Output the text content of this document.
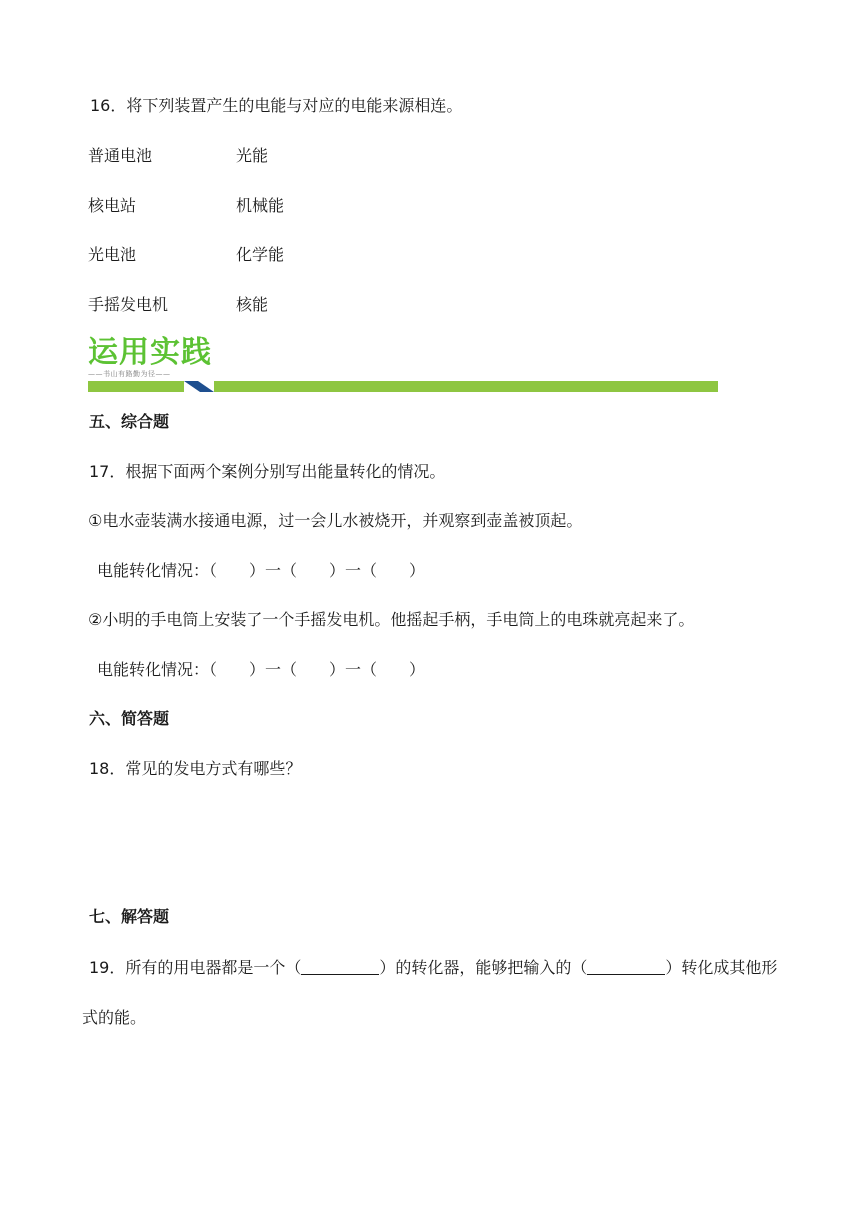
16．将下列装置产生的电能与对应的电能来源相连。
普通电池	光能
核电站	机械能
光电池	化学能
手摇发电机	核能
运用实践
——书山有路勤为径——
五、综合题
17．根据下面两个案例分别写出能量转化的情况。
①电水壶装满水接通电源，过一会儿水被烧开，并观察到壶盖被顶起。
电能转化情况：（　　）一（　　）一（　　）
②小明的手电筒上安装了一个手摇发电机。他摇起手柄，手电筒上的电珠就亮起来了。
电能转化情况：（　　）一（　　）一（　　）
六、简答题
18．常见的发电方式有哪些？
七、解答题
19．所有的用电器都是一个（	）的转化器，能够把输入的（	）转化成其他形
式的能。
